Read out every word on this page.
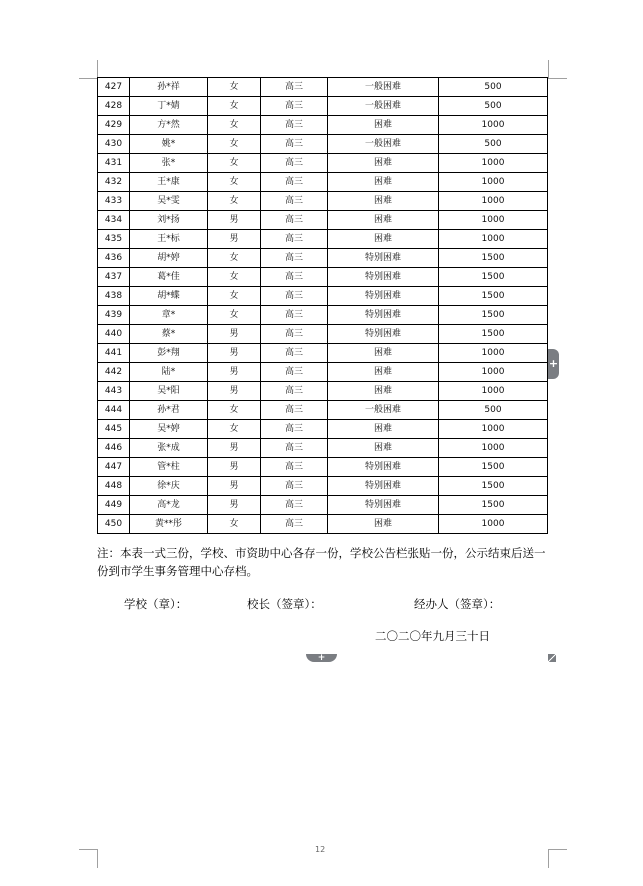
427	孙*祥	女	高三	一般困难	500
428	丁*婧	女	高三	一般困难	500
429	方*然	女	高三	困难	1000
430	姚*	女	高三	一般困难	500
431	张*	女	高三	困难	1000
432	王*康	女	高三	困难	1000
433	吴*雯	女	高三	困难	1000
434	刘*扬	男	高三	困难	1000
435	王*标	男	高三	困难	1000
436	胡*婷	女	高三	特别困难	1500
437	葛*佳	女	高三	特别困难	1500
438	胡*蝶	女	高三	特别困难	1500
439	章*	女	高三	特别困难	1500
440	蔡*	男	高三	特别困难	1500
441	彭*翔	男	高三	困难	1000
442	陆*	男	高三	困难	1000
443	吴*阳	男	高三	困难	1000
444	孙*君	女	高三	一般困难	500
445	吴*婷	女	高三	困难	1000
446	张*成	男	高三	困难	1000
447	管*柱	男	高三	特别困难	1500
448	徐*庆	男	高三	特别困难	1500
449	高*龙	男	高三	特别困难	1500
450	黄**彤	女	高三	困难	1000
注：本表一式三份，学校、市资助中心各存一份，学校公告栏张贴一份，公示结束后送一份到市学生事务管理中心存档。
学校（章）：	校长（签章）：	经办人（签章）：
二〇二〇年九月三十日
+
+
12
